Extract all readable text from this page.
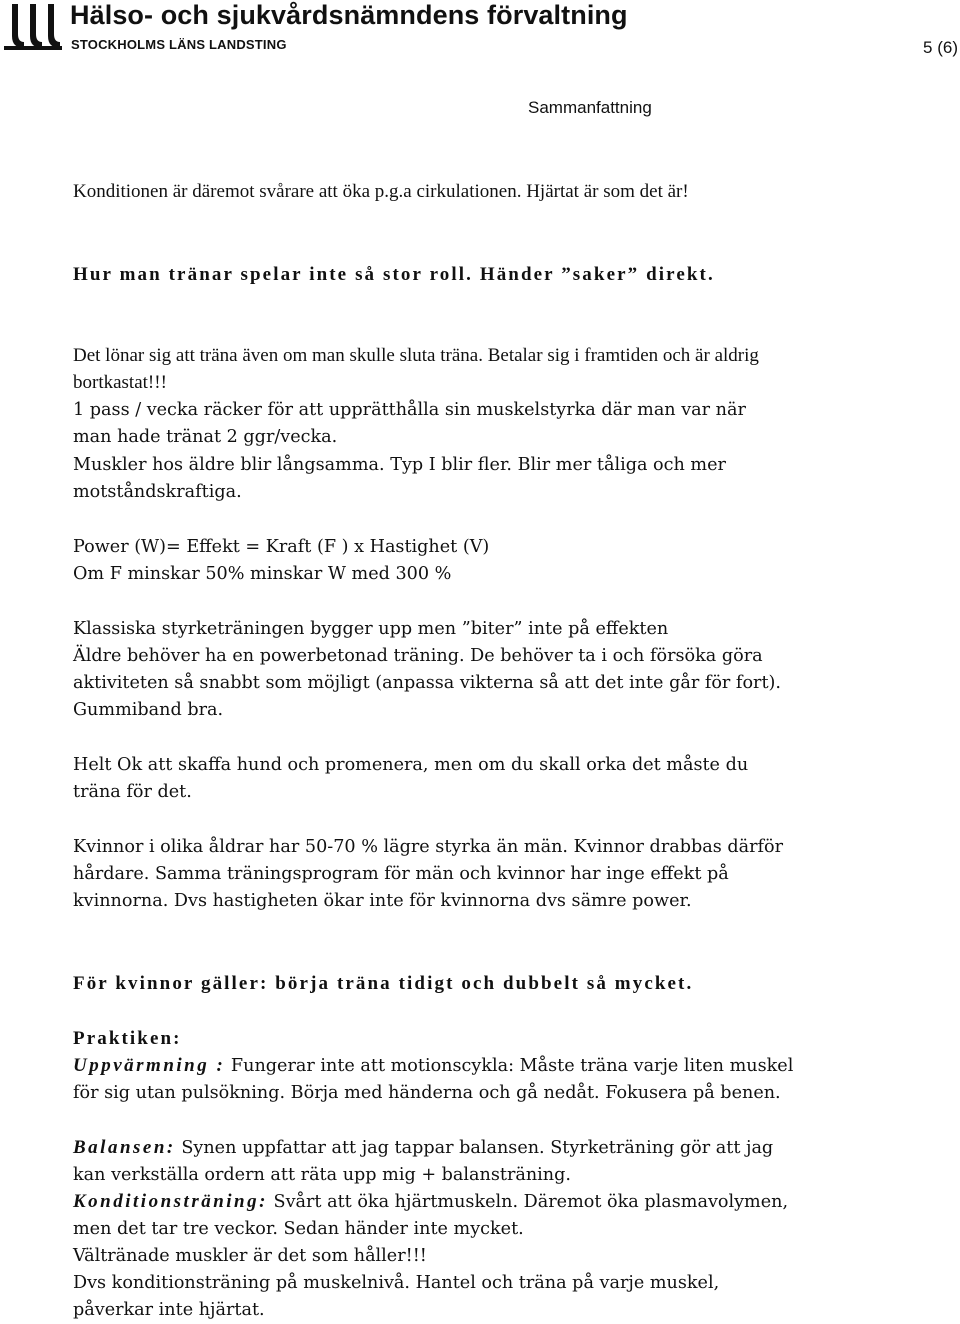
Hälso- och sjukvårdsnämndens förvaltning
STOCKHOLMS LÄNS LANDSTING	5 (6)
Sammanfattning

Konditionen är däremot svårare att öka p.g.a cirkulationen. Hjärtat är som det är!

Hur man tränar spelar inte så stor roll. Händer ”saker” direkt.

Det lönar sig att träna även om man skulle sluta träna. Betalar sig i framtiden och är aldrig bortkastat!!!

1 pass / vecka räcker för att upprätthålla sin muskelstyrka där man var när man hade tränat 2 ggr/vecka.

Muskler hos äldre blir långsamma. Typ I blir fler. Blir mer tåliga och mer motståndskraftiga.

Power (W)= Effekt = Kraft (F ) x Hastighet (V)

Om F minskar 50% minskar W med 300 %

Klassiska styrketräningen bygger upp men ”biter” inte på effekten

Äldre behöver ha en powerbetonad träning. De behöver ta i och försöka göra aktiviteten så snabbt som möjligt (anpassa vikterna så att det inte går för fort). Gummiband bra.

Helt Ok att skaffa hund och promenera, men om du skall orka det måste du träna för det.

Kvinnor i olika åldrar har 50-70 % lägre styrka än män. Kvinnor drabbas därför hårdare. Samma träningsprogram för män och kvinnor har inge effekt på kvinnorna. Dvs hastigheten ökar inte för kvinnorna dvs sämre power.

För kvinnor gäller: börja träna tidigt och dubbelt så mycket.

Praktiken:

Uppvärmning : Fungerar inte att motionscykla: Måste träna varje liten muskel för sig utan pulsökning. Börja med händerna och gå nedåt. Fokusera på benen.

Balansen: Synen uppfattar att jag tappar balansen. Styrketräning gör att jag kan verkställa ordern att räta upp mig + balansträning.

Konditionsträning: Svårt att öka hjärtmuskeln. Däremot öka plasmavolymen, men det tar tre veckor. Sedan händer inte mycket.

Vältränade muskler är det som håller!!!

Dvs konditionsträning på muskelnivå. Hantel och träna på varje muskel, påverkar inte hjärtat.
